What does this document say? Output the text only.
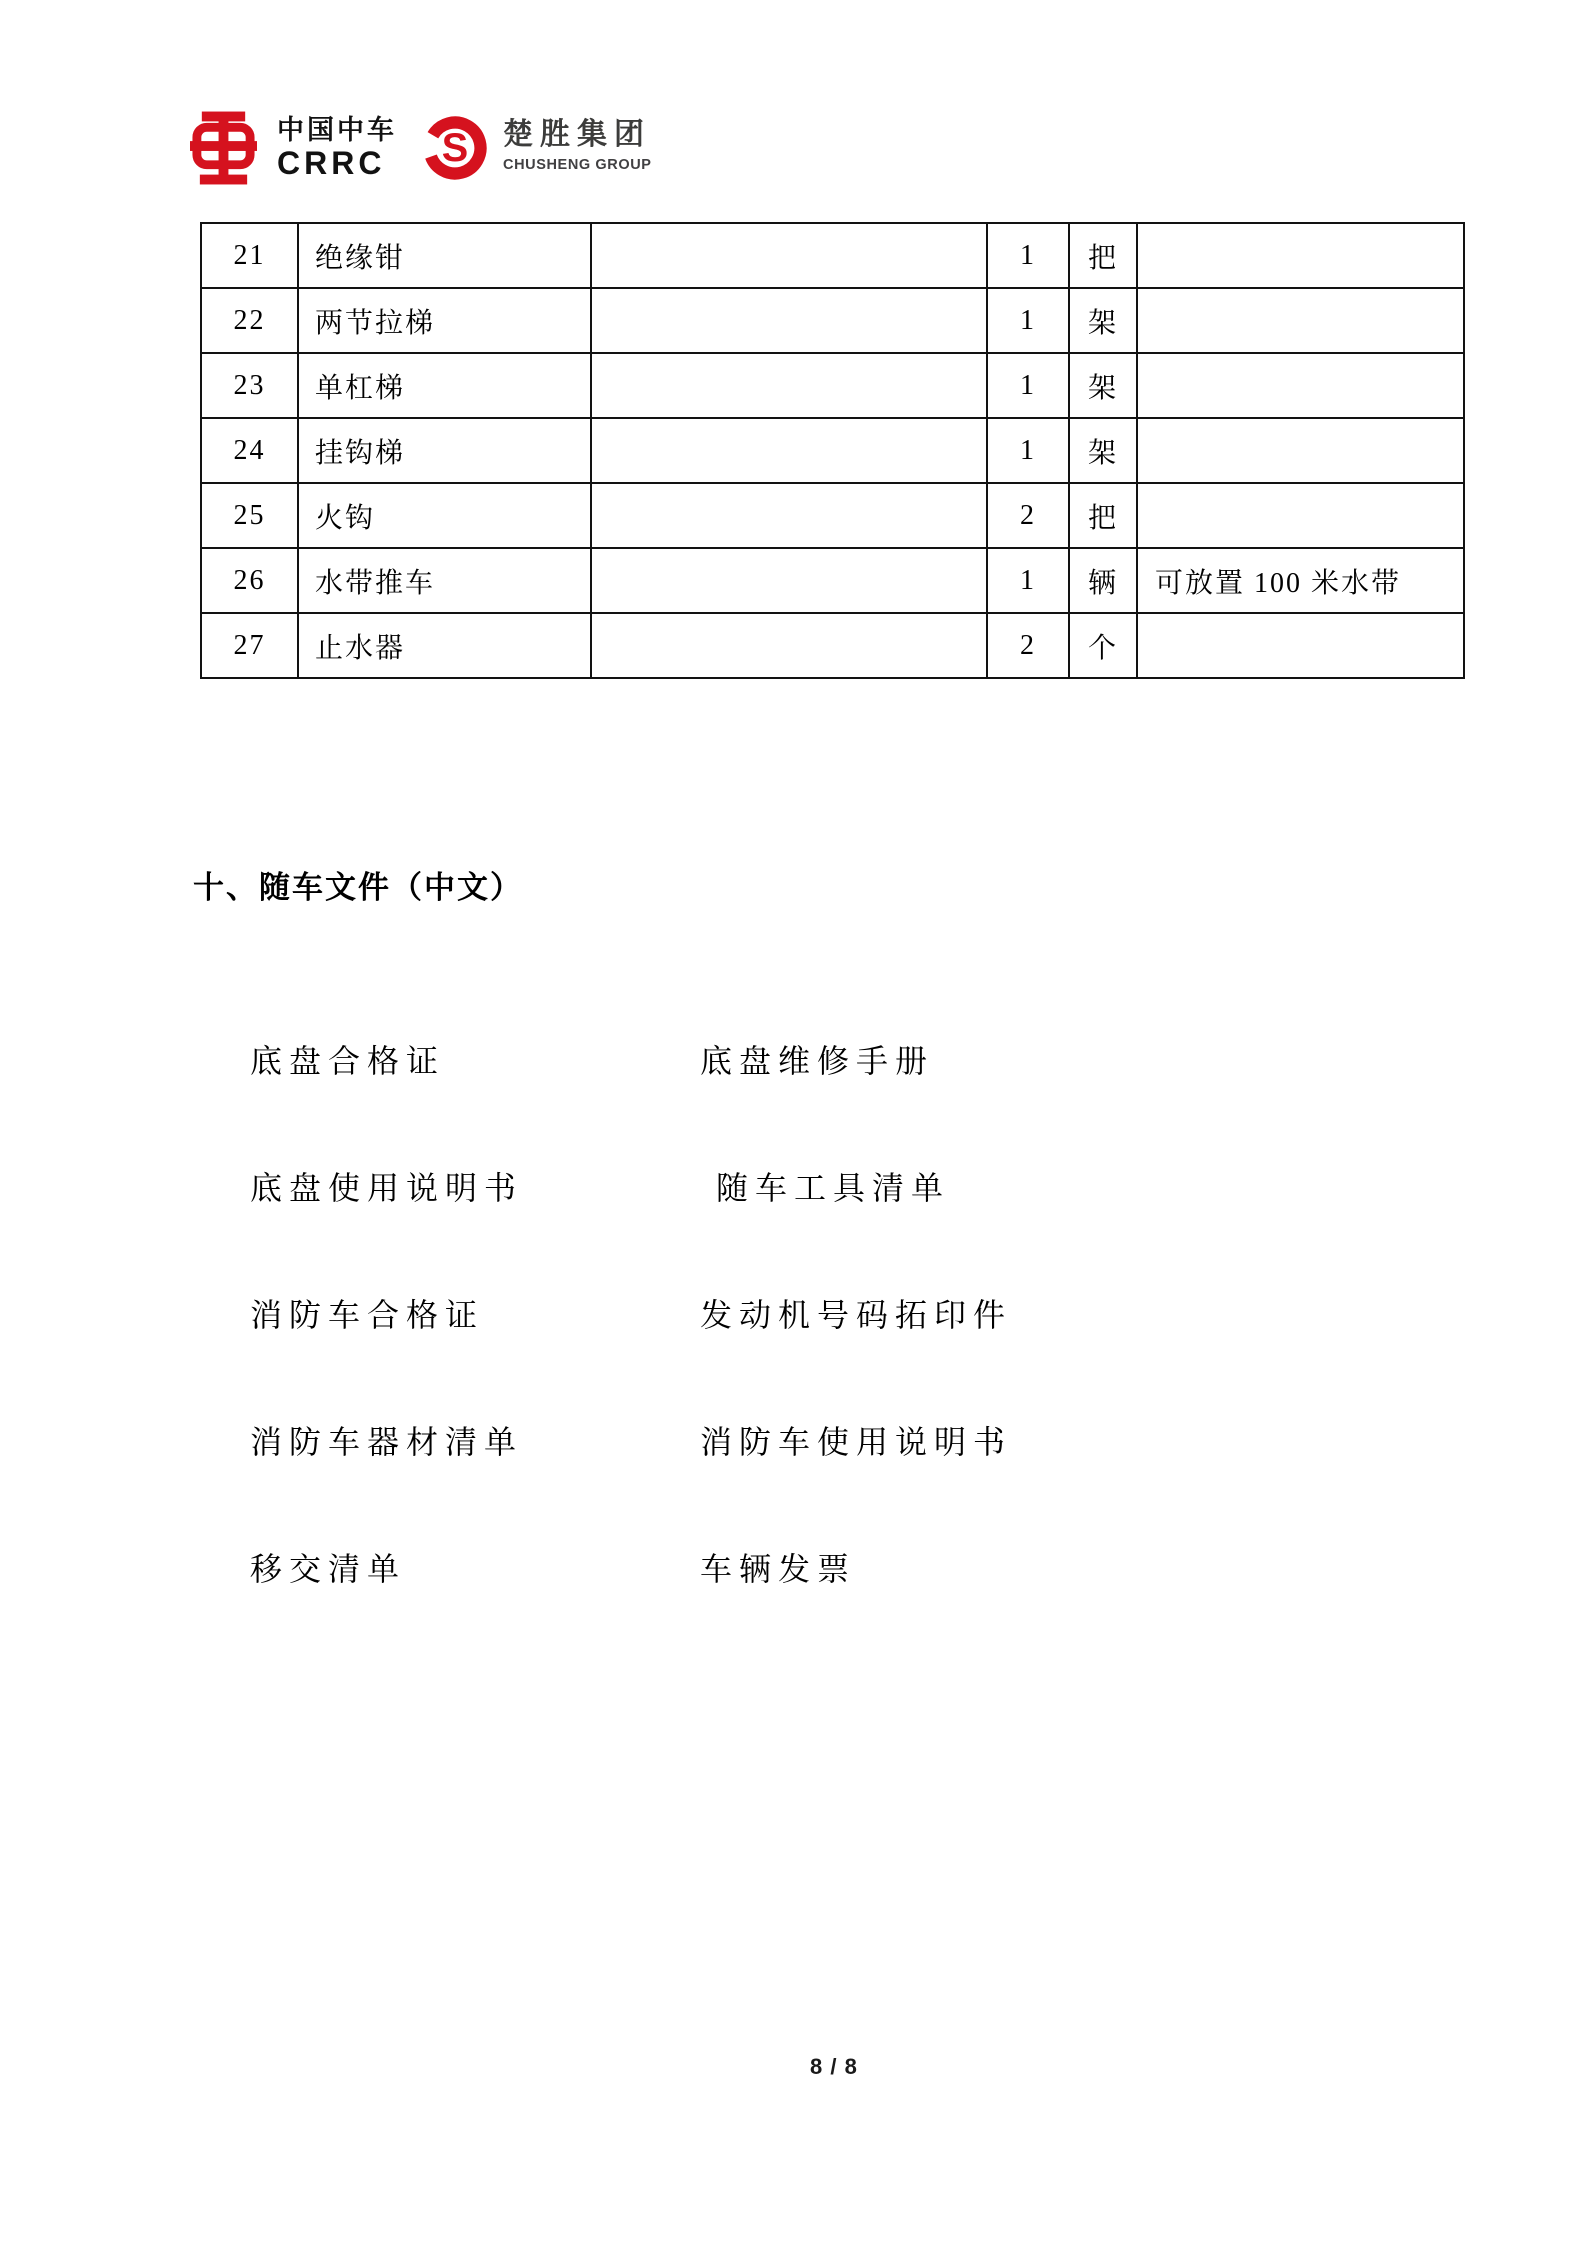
中国中车
CRRC S 楚胜集团
CHUSHENG GROUP
21	绝缘钳		1	把	
22	两节拉梯		1	架	
23	单杠梯		1	架	
24	挂钩梯		1	架	
25	火钩		2	把	
26	水带推车		1	辆	可放置 100 米水带
27	止水器		2	个	
十、随车文件（中文）
底盘合格证	底盘维修手册
底盘使用说明书	随车工具清单
消防车合格证	发动机号码拓印件
消防车器材清单	消防车使用说明书
移交清单	车辆发票
8 / 8
